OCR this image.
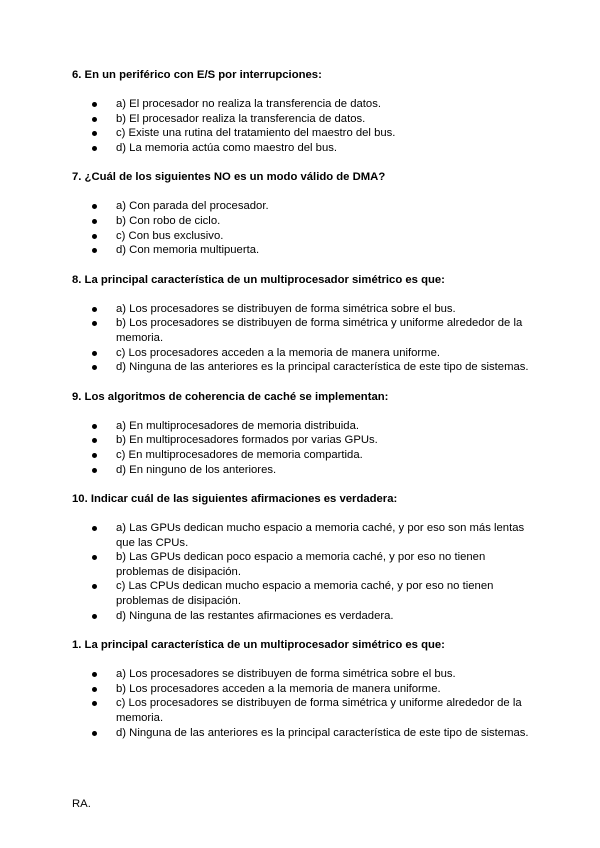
6. En un periférico con E/S por interrupciones:

a) El procesador no realiza la transferencia de datos.
b) El procesador realiza la transferencia de datos.
c) Existe una rutina del tratamiento del maestro del bus.
d) La memoria actúa como maestro del bus.

7. ¿Cuál de los siguientes NO es un modo válido de DMA?

a) Con parada del procesador.
b) Con robo de ciclo.
c) Con bus exclusivo.
d) Con memoria multipuerta.

8. La principal característica de un multiprocesador simétrico es que:

a) Los procesadores se distribuyen de forma simétrica sobre el bus.
b) Los procesadores se distribuyen de forma simétrica y uniforme alrededor de la memoria.
c) Los procesadores acceden a la memoria de manera uniforme.
d) Ninguna de las anteriores es la principal característica de este tipo de sistemas.

9. Los algoritmos de coherencia de caché se implementan:

a) En multiprocesadores de memoria distribuida.
b) En multiprocesadores formados por varias GPUs.
c) En multiprocesadores de memoria compartida.
d) En ninguno de los anteriores.

10. Indicar cuál de las siguientes afirmaciones es verdadera:

a) Las GPUs dedican mucho espacio a memoria caché, y por eso son más lentas que las CPUs.
b) Las GPUs dedican poco espacio a memoria caché, y por eso no tienen problemas de disipación.
c) Las CPUs dedican mucho espacio a memoria caché, y por eso no tienen problemas de disipación.
d) Ninguna de las restantes afirmaciones es verdadera.

1. La principal característica de un multiprocesador simétrico es que:

a) Los procesadores se distribuyen de forma simétrica sobre el bus.
b) Los procesadores acceden a la memoria de manera uniforme.
c) Los procesadores se distribuyen de forma simétrica y uniforme alrededor de la memoria.
d) Ninguna de las anteriores es la principal característica de este tipo de sistemas.
RA.
